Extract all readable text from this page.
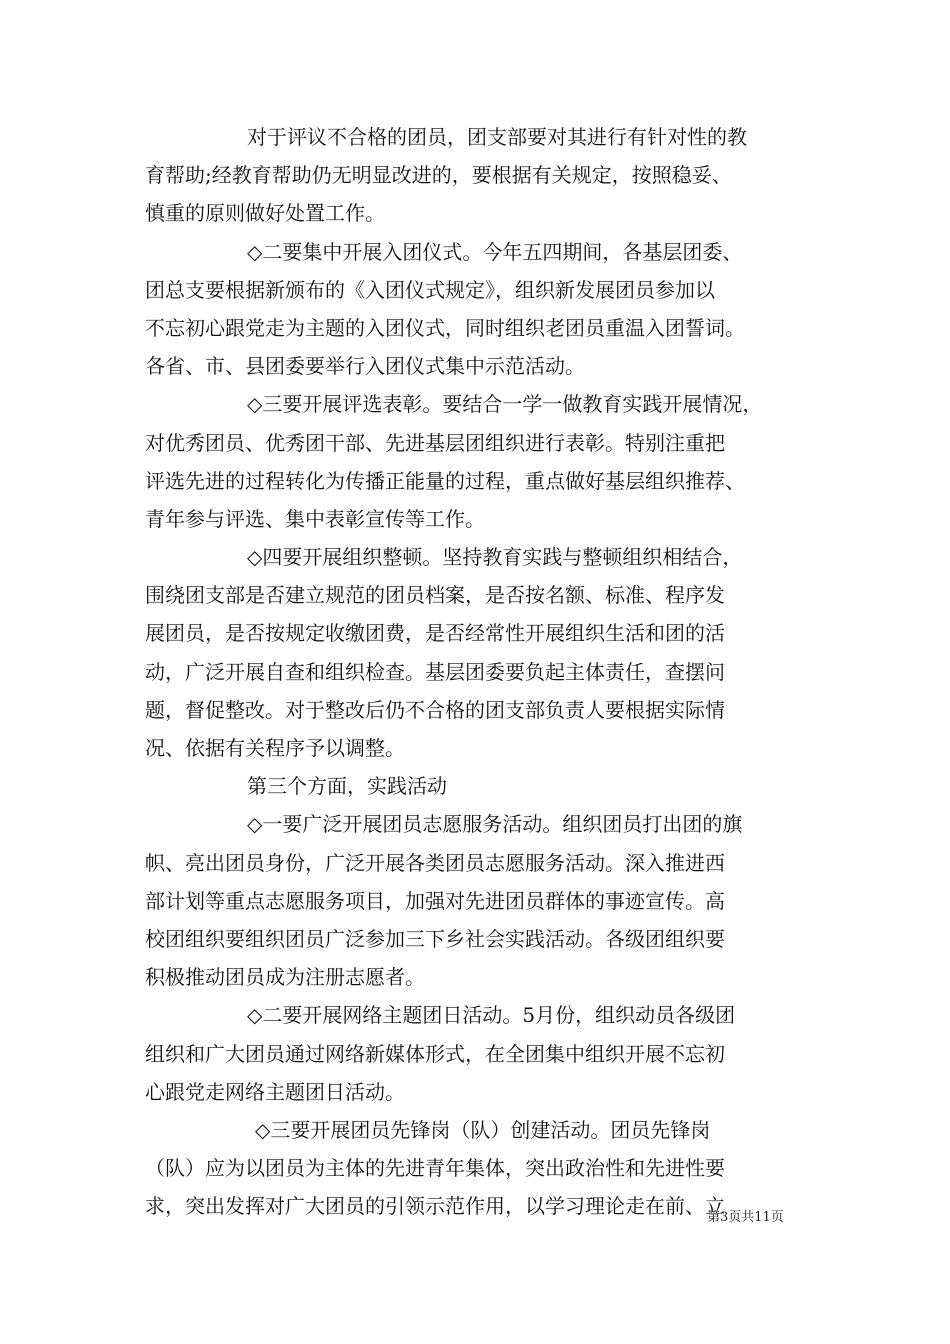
对于评议不合格的团员，团支部要对其进行有针对性的教
育帮助;经教育帮助仍无明显改进的，要根据有关规定，按照稳妥、
慎重的原则做好处置工作。
◇二要集中开展入团仪式。今年五四期间，各基层团委、
团总支要根据新颁布的《入团仪式规定》，组织新发展团员参加以
不忘初心跟党走为主题的入团仪式，同时组织老团员重温入团誓词。
各省、市、县团委要举行入团仪式集中示范活动。
◇三要开展评选表彰。要结合一学一做教育实践开展情况，
对优秀团员、优秀团干部、先进基层团组织进行表彰。特别注重把
评选先进的过程转化为传播正能量的过程，重点做好基层组织推荐、
青年参与评选、集中表彰宣传等工作。
◇四要开展组织整顿。坚持教育实践与整顿组织相结合，
围绕团支部是否建立规范的团员档案，是否按名额、标准、程序发
展团员，是否按规定收缴团费，是否经常性开展组织生活和团的活
动，广泛开展自查和组织检查。基层团委要负起主体责任，查摆问
题，督促整改。对于整改后仍不合格的团支部负责人要根据实际情
况、依据有关程序予以调整。
第三个方面，实践活动
◇一要广泛开展团员志愿服务活动。组织团员打出团的旗
帜、亮出团员身份，广泛开展各类团员志愿服务活动。深入推进西
部计划等重点志愿服务项目，加强对先进团员群体的事迹宣传。高
校团组织要组织团员广泛参加三下乡社会实践活动。各级团组织要
积极推动团员成为注册志愿者。
◇二要开展网络主题团日活动。5月份，组织动员各级团
组织和广大团员通过网络新媒体形式，在全团集中组织开展不忘初
心跟党走网络主题团日活动。
◇三要开展团员先锋岗（队）创建活动。团员先锋岗
（队）应为以团员为主体的先进青年集体，突出政治性和先进性要
求，突出发挥对广大团员的引领示范作用，以学习理论走在前、立
第3页共11页
